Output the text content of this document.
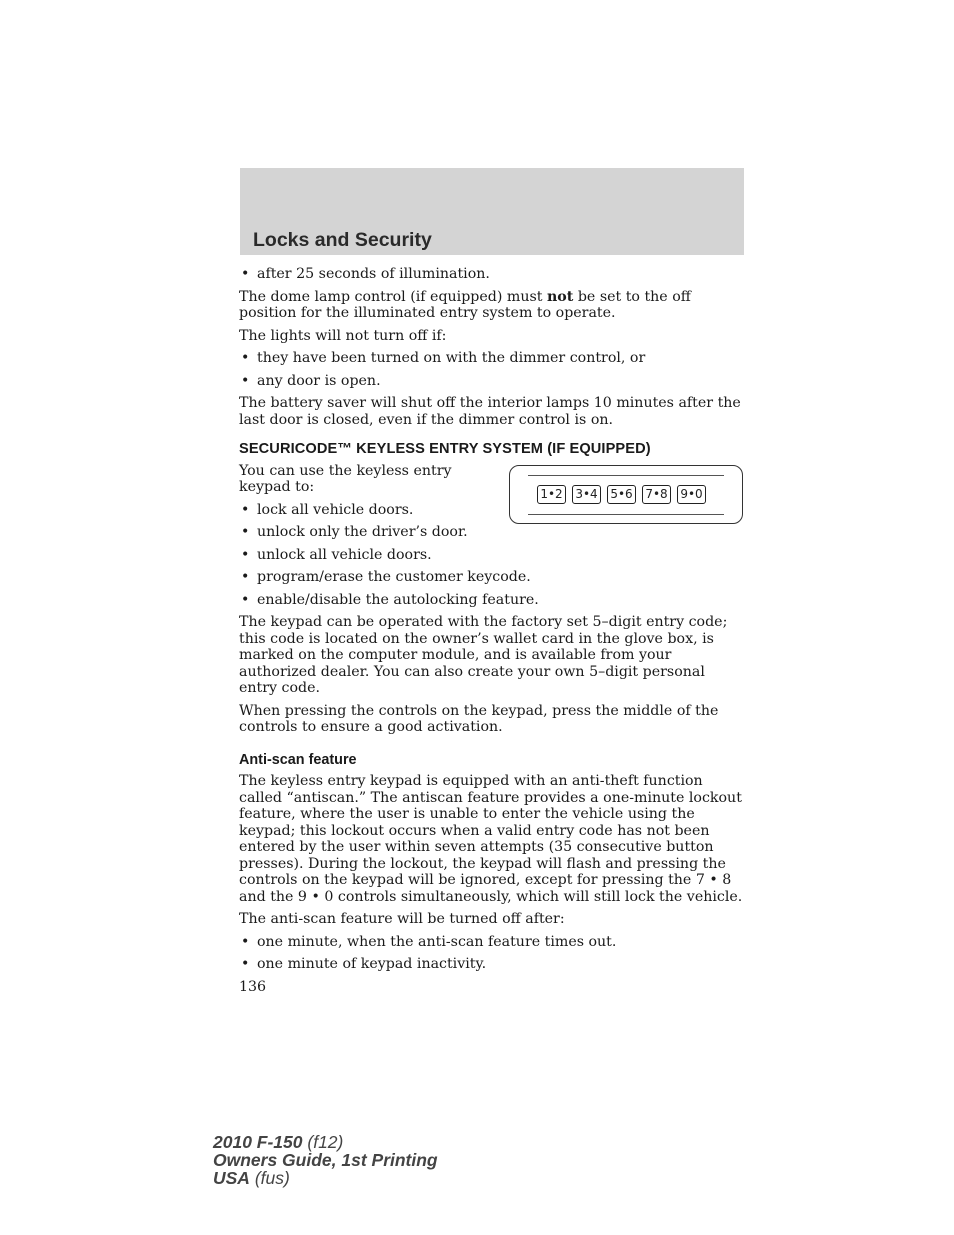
Locks and Security
• after 25 seconds of illumination.

The dome lamp control (if equipped) must not be set to the off position for the illuminated entry system to operate.

The lights will not turn off if:

• they have been turned on with the dimmer control, or
• any door is open.

The battery saver will shut off the interior lamps 10 minutes after the last door is closed, even if the dimmer control is on.

SECURICODE™ KEYLESS ENTRY SYSTEM (IF EQUIPPED)
1•2 3•4 5•6 7•8 9•0

You can use the keyless entry keypad to:

• lock all vehicle doors.
• unlock only the driver’s door.
• unlock all vehicle doors.
• program/erase the customer keycode.
• enable/disable the autolocking feature.

The keypad can be operated with the factory set 5–digit entry code; this code is located on the owner’s wallet card in the glove box, is marked on the computer module, and is available from your authorized dealer. You can also create your own 5–digit personal entry code.

When pressing the controls on the keypad, press the middle of the controls to ensure a good activation.

Anti-scan feature

The keyless entry keypad is equipped with an anti-theft function called “antiscan.” The antiscan feature provides a one-minute lockout feature, where the user is unable to enter the vehicle using the keypad; this lockout occurs when a valid entry code has not been entered by the user within seven attempts (35 consecutive button presses). During the lockout, the keypad will flash and pressing the controls on the keypad will be ignored, except for pressing the 7 • 8 and the 9 • 0 controls simultaneously, which will still lock the vehicle.

The anti-scan feature will be turned off after:

• one minute, when the anti-scan feature times out.
• one minute of keypad inactivity.
136
2010 F-150 (f12)
Owners Guide, 1st Printing
USA (fus)
